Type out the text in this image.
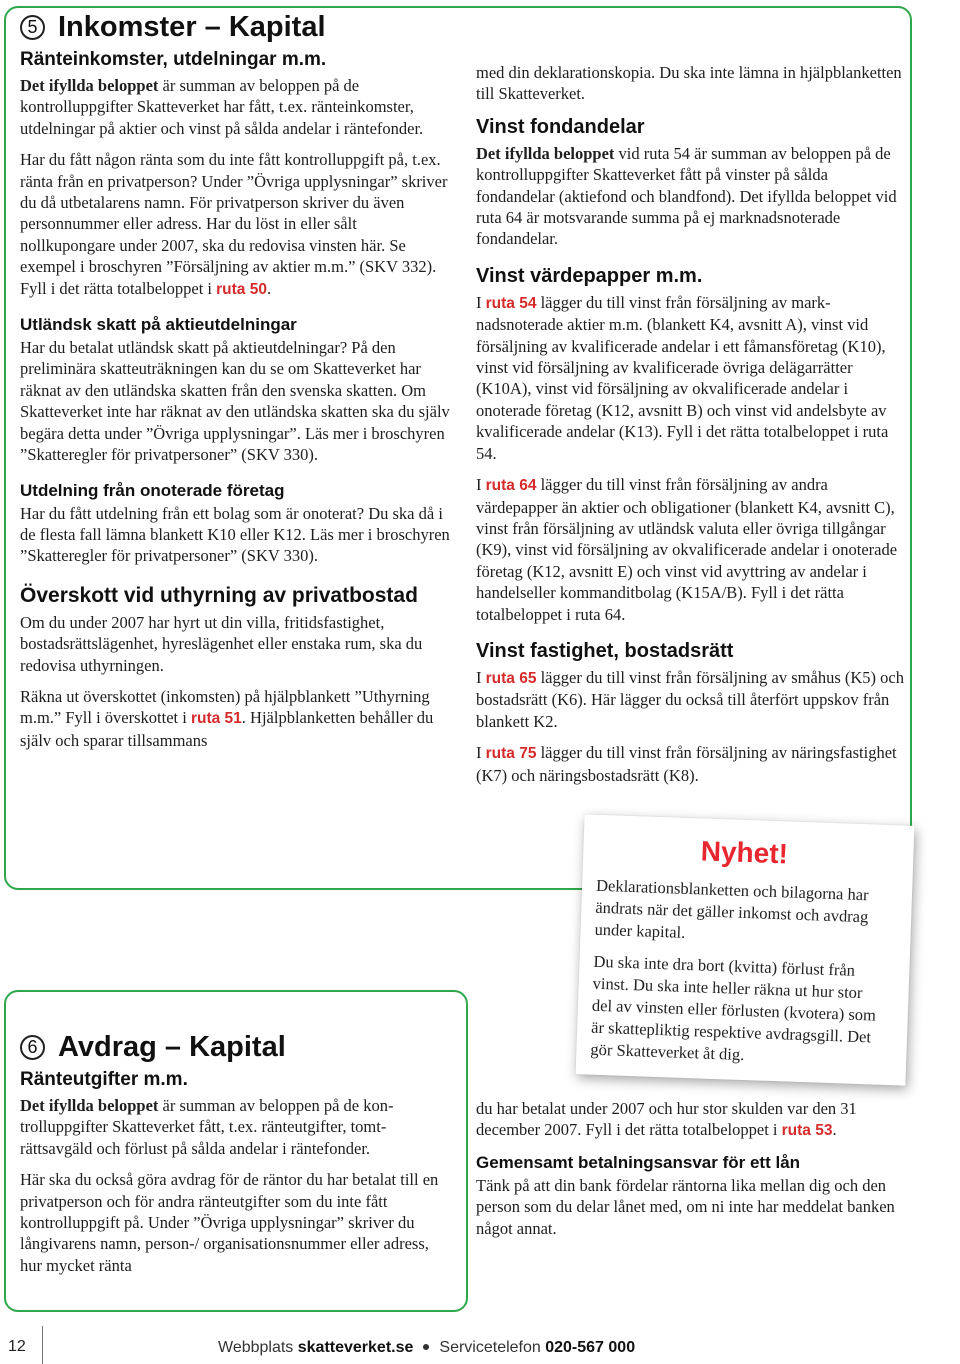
5 Inkomster – Kapital
Ränteinkomster, utdelningar m.m.

Det ifyllda beloppet är summan av beloppen på de kontrolluppgifter Skatteverket har fått, t.ex. ränteinkomster, utdelningar på aktier och vinst på sålda andelar i räntefonder.

Har du fått någon ränta som du inte fått kontrolluppgift på, t.ex. ränta från en privatperson? Under ”Övriga upplysningar” skriver du då utbetalarens namn. För privatperson skriver du även personnummer eller adress. Har du löst in eller sålt nollkupongare under 2007, ska du redovisa vinsten här. Se exempel i broschyren ”Försäljning av aktier m.m.” (SKV 332). Fyll i det rätta totalbeloppet i ruta 50.

Utländsk skatt på aktieutdelningar

Har du betalat utländsk skatt på aktieutdelningar? På den preliminära skatteuträkningen kan du se om Skatteverket har räknat av den utländska skatten från den svenska skatten. Om Skatteverket inte har räknat av den utländska skatten ska du själv begära detta under ”Övriga upplysningar”. Läs mer i broschyren ”Skatteregler för privatpersoner” (SKV 330).

Utdelning från onoterade företag

Har du fått utdelning från ett bolag som är onoterat? Du ska då i de flesta fall lämna blankett K10 eller K12. Läs mer i broschyren ”Skatteregler för privatpersoner” (SKV 330).

Överskott vid uthyrning av privatbostad

Om du under 2007 har hyrt ut din villa, fritidsfastighet, bostadsrättslägenhet, hyreslägenhet eller enstaka rum, ska du redovisa uthyrningen.

Räkna ut överskottet (inkomsten) på hjälpblankett ”Uthyrning m.m.” Fyll i överskottet i ruta 51. Hjälpblanketten behåller du själv och sparar tillsammans

med din deklarationskopia. Du ska inte lämna in hjälpblanketten till Skatteverket.

Vinst fondandelar

Det ifyllda beloppet vid ruta 54 är summan av beloppen på de kontrolluppgifter Skatteverket fått på vinster på sålda fondandelar (aktiefond och blandfond). Det ifyllda beloppet vid ruta 64 är motsvarande summa på ej marknadsnoterade fondandelar.

Vinst värdepapper m.m.

I ruta 54 lägger du till vinst från försäljning av marknadsnoterade aktier m.m. (blankett K4, avsnitt A), vinst vid försäljning av kvalificerade andelar i ett fåmansföretag (K10), vinst vid försäljning av kvalificerade övriga delägarrätter (K10A), vinst vid försäljning av okvalificerade andelar i onoterade företag (K12, avsnitt B) och vinst vid andelsbyte av kvalificerade andelar (K13). Fyll i det rätta totalbeloppet i ruta 54.

I ruta 64 lägger du till vinst från försäljning av andra värdepapper än aktier och obligationer (blankett K4, avsnitt C), vinst från försäljning av utländsk valuta eller övriga tillgångar (K9), vinst vid försäljning av okvalificerade andelar i onoterade företag (K12, avsnitt E) och vinst vid avyttring av andelar i handelseller kommanditbolag (K15A/B). Fyll i det rätta totalbeloppet i ruta 64.

Vinst fastighet, bostadsrätt

I ruta 65 lägger du till vinst från försäljning av småhus (K5) och bostadsrätt (K6). Här lägger du också till återfört uppskov från blankett K2.

I ruta 75 lägger du till vinst från försäljning av näringsfastighet (K7) och näringsbostadsrätt (K8).

6 Avdrag – Kapital
Ränteutgifter m.m.

Det ifyllda beloppet är summan av beloppen på de kontrolluppgifter Skatteverket fått, t.ex. ränteutgifter, tomträttsavgäld och förlust på sålda andelar i räntefonder.

Här ska du också göra avdrag för de räntor du har betalat till en privatperson och för andra ränteutgifter som du inte fått kontrolluppgift på. Under ”Övriga upplysningar” skriver du långivarens namn, person-/ organisationsnummer eller adress, hur mycket ränta

du har betalat under 2007 och hur stor skulden var den 31 december 2007. Fyll i det rätta totalbeloppet i ruta 53.

Gemensamt betalningsansvar för ett lån

Tänk på att din bank fördelar räntorna lika mellan dig och den person som du delar lånet med, om ni inte har meddelat banken något annat.

Nyhet!

Deklarationsblanketten och bilagorna har ändrats när det gäller inkomst och avdrag under kapital.

Du ska inte dra bort (kvitta) förlust från vinst. Du ska inte heller räkna ut hur stor del av vinsten eller förlusten (kvotera) som är skattepliktig respektive avdragsgill. Det gör Skatteverket åt dig.

12	Webbplats skatteverket.se Servicetelefon 020-567 000
